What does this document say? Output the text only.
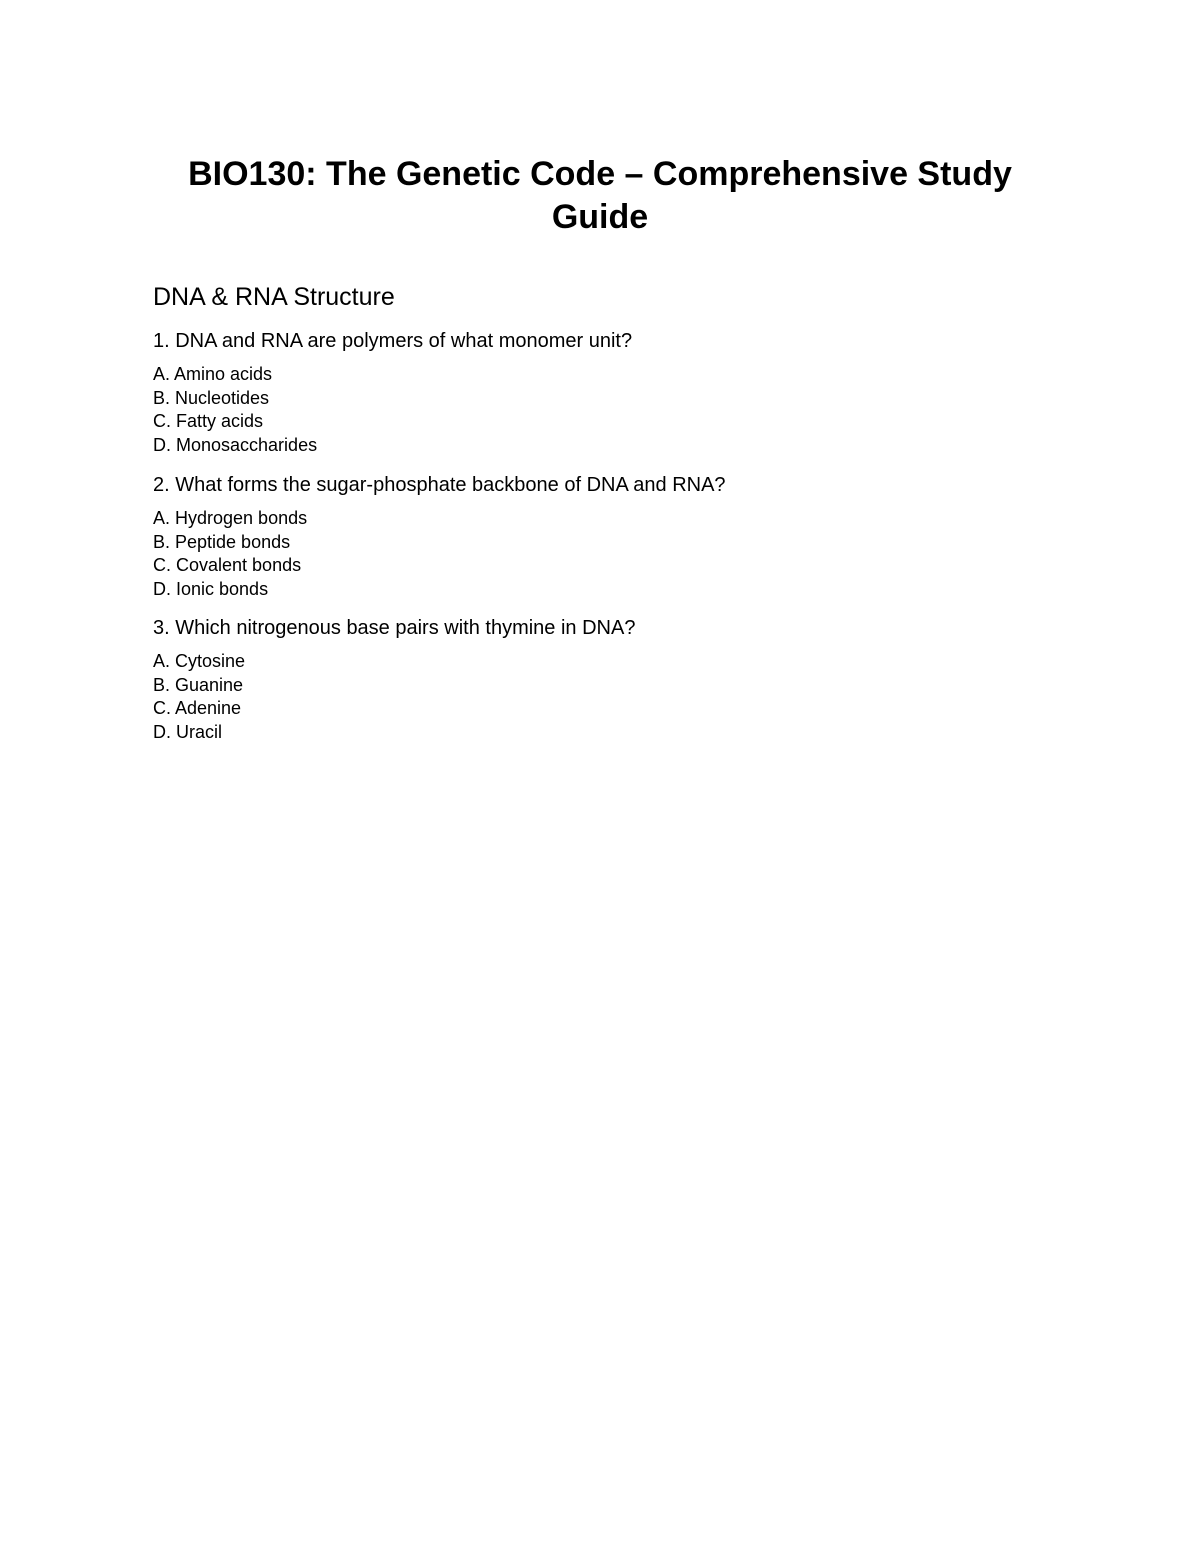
BIO130: The Genetic Code – Comprehensive Study Guide
DNA & RNA Structure

1. DNA and RNA are polymers of what monomer unit?

A. Amino acids
B. Nucleotides
C. Fatty acids
D. Monosaccharides

2. What forms the sugar-phosphate backbone of DNA and RNA?

A. Hydrogen bonds
B. Peptide bonds
C. Covalent bonds
D. Ionic bonds

3. Which nitrogenous base pairs with thymine in DNA?

A. Cytosine
B. Guanine
C. Adenine
D. Uracil
